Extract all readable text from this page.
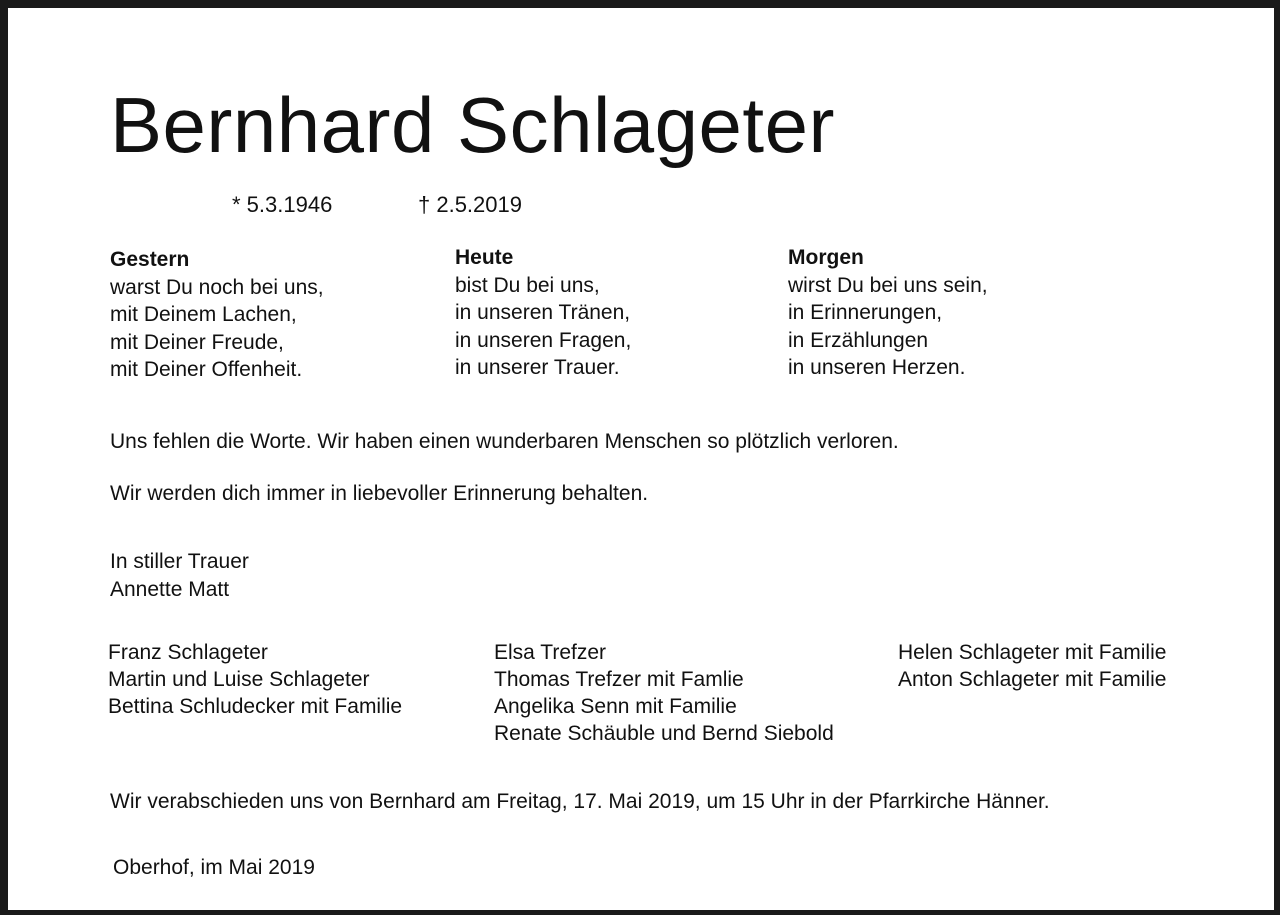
Bernhard Schlageter
* 5.3.1946	† 2.5.2019
Gestern
warst Du noch bei uns,
mit Deinem Lachen,
mit Deiner Freude,
mit Deiner Offenheit.
Heute
bist Du bei uns,
in unseren Tränen,
in unseren Fragen,
in unserer Trauer.
Morgen
wirst Du bei uns sein,
in Erinnerungen,
in Erzählungen
in unseren Herzen.
Uns fehlen die Worte. Wir haben einen wunderbaren Menschen so plötzlich verloren.
Wir werden dich immer in liebevoller Erinnerung behalten.
In stiller Trauer
Annette Matt
Franz Schlageter
Martin und Luise Schlageter
Bettina Schludecker mit Familie
Elsa Trefzer
Thomas Trefzer mit Famlie
Angelika Senn mit Familie
Renate Schäuble und Bernd Siebold
Helen Schlageter mit Familie
Anton Schlageter mit Familie
Wir verabschieden uns von Bernhard am Freitag, 17. Mai 2019, um 15 Uhr in der Pfarrkirche Hänner.
Oberhof, im Mai 2019
